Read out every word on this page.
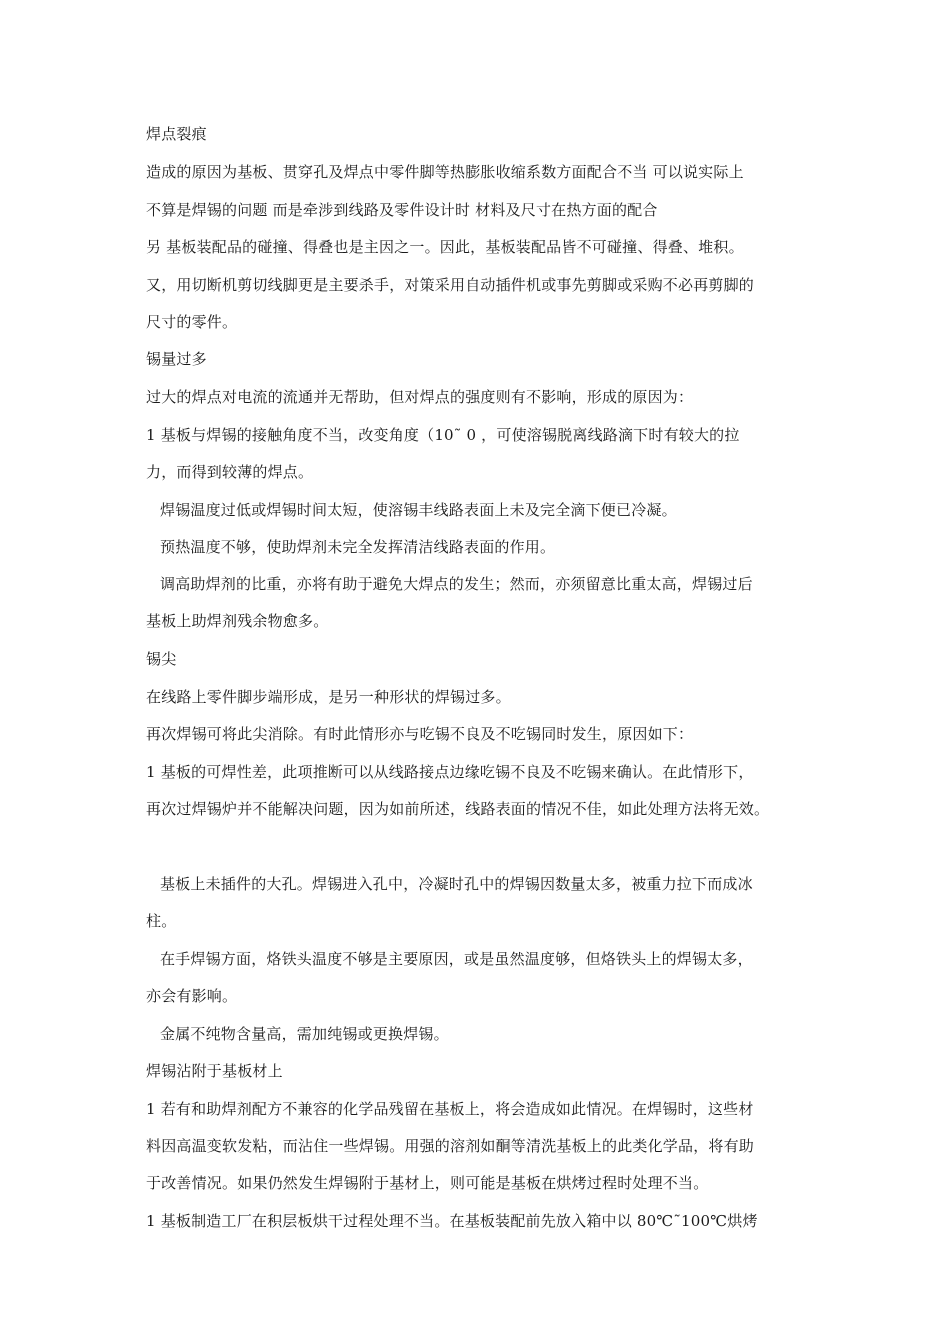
焊点裂痕
造成的原因为基板、贯穿孔及焊点中零件脚等热膨胀收缩系数方面配合不当 可以说实际上
不算是焊锡的问题 而是牵涉到线路及零件设计时 材料及尺寸在热方面的配合
另 基板装配品的碰撞、得叠也是主因之一。因此，基板装配品皆不可碰撞、得叠、堆积。
又，用切断机剪切线脚更是主要杀手，对策采用自动插件机或事先剪脚或采购不必再剪脚的
尺寸的零件。
锡量过多
过大的焊点对电流的流通并无帮助，但对焊点的强度则有不影响，形成的原因为：
1 基板与焊锡的接触角度不当，改变角度（10˜ 0 ，可使溶锡脱离线路滴下时有较大的拉
力，而得到较薄的焊点。
焊锡温度过低或焊锡时间太短，使溶锡丰线路表面上未及完全滴下便已冷凝。
预热温度不够，使助焊剂未完全发挥清洁线路表面的作用。
调高助焊剂的比重，亦将有助于避免大焊点的发生；然而，亦须留意比重太高，焊锡过后
基板上助焊剂残余物愈多。
锡尖
在线路上零件脚步端形成，是另一种形状的焊锡过多。
再次焊锡可将此尖消除。有时此情形亦与吃锡不良及不吃锡同时发生，原因如下：
1 基板的可焊性差，此项推断可以从线路接点边缘吃锡不良及不吃锡来确认。在此情形下，
再次过焊锡炉并不能解决问题，因为如前所述，线路表面的情况不佳，如此处理方法将无效。
基板上未插件的大孔。焊锡进入孔中，冷凝时孔中的焊锡因数量太多，被重力拉下而成冰
柱。
在手焊锡方面，烙铁头温度不够是主要原因，或是虽然温度够，但烙铁头上的焊锡太多，
亦会有影响。
金属不纯物含量高，需加纯锡或更换焊锡。
焊锡沾附于基板材上
1 若有和助焊剂配方不兼容的化学品残留在基板上，将会造成如此情况。在焊锡时，这些材
料因高温变软发粘，而沾住一些焊锡。用强的溶剂如酮等清洗基板上的此类化学品，将有助
于改善情况。如果仍然发生焊锡附于基材上，则可能是基板在烘烤过程时处理不当。
1 基板制造工厂在积层板烘干过程处理不当。在基板装配前先放入箱中以 80℃˜100℃烘烤
